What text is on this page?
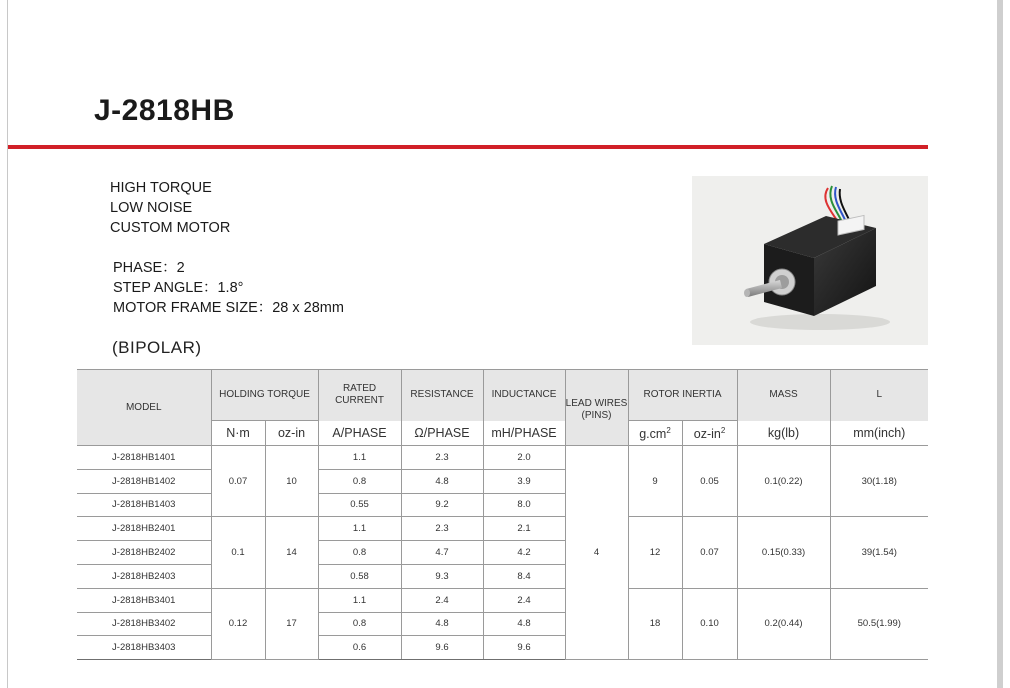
J-2818HB
HIGH TORQUE
LOW NOISE
CUSTOM MOTOR
PHASE：2
STEP ANGLE：1.8°
MOTOR FRAME SIZE：28 x 28mm
(BIPOLAR)
MODEL	HOLDING TORQUE		RATED CURRENT	RESISTANCE	INDUCTANCE	LEAD WIRES
(PINS)	ROTOR INERTIA		MASS	L
	N·m	oz-in	A/PHASE	Ω/PHASE	mH/PHASE		$g.cm^2$	$oz-in^2$	kg(lb)	mm(inch)
J-2818HB1401	0.07	10	1.1	2.3	2.0	4	9	0.05	0.1(0.22)	30(1.18)
J-2818HB1402			0.8	4.8	3.9					
J-2818HB1403			0.55	9.2	8.0					
J-2818HB2401	0.1	14	1.1	2.3	2.1		12	0.07	0.15(0.33)	39(1.54)
J-2818HB2402			0.8	4.7	4.2					
J-2818HB2403			0.58	9.3	8.4					
J-2818HB3401	0.12	17	1.1	2.4	2.4		18	0.10	0.2(0.44)	50.5(1.99)
J-2818HB3402			0.8	4.8	4.8					
J-2818HB3403			0.6	9.6	9.6					
